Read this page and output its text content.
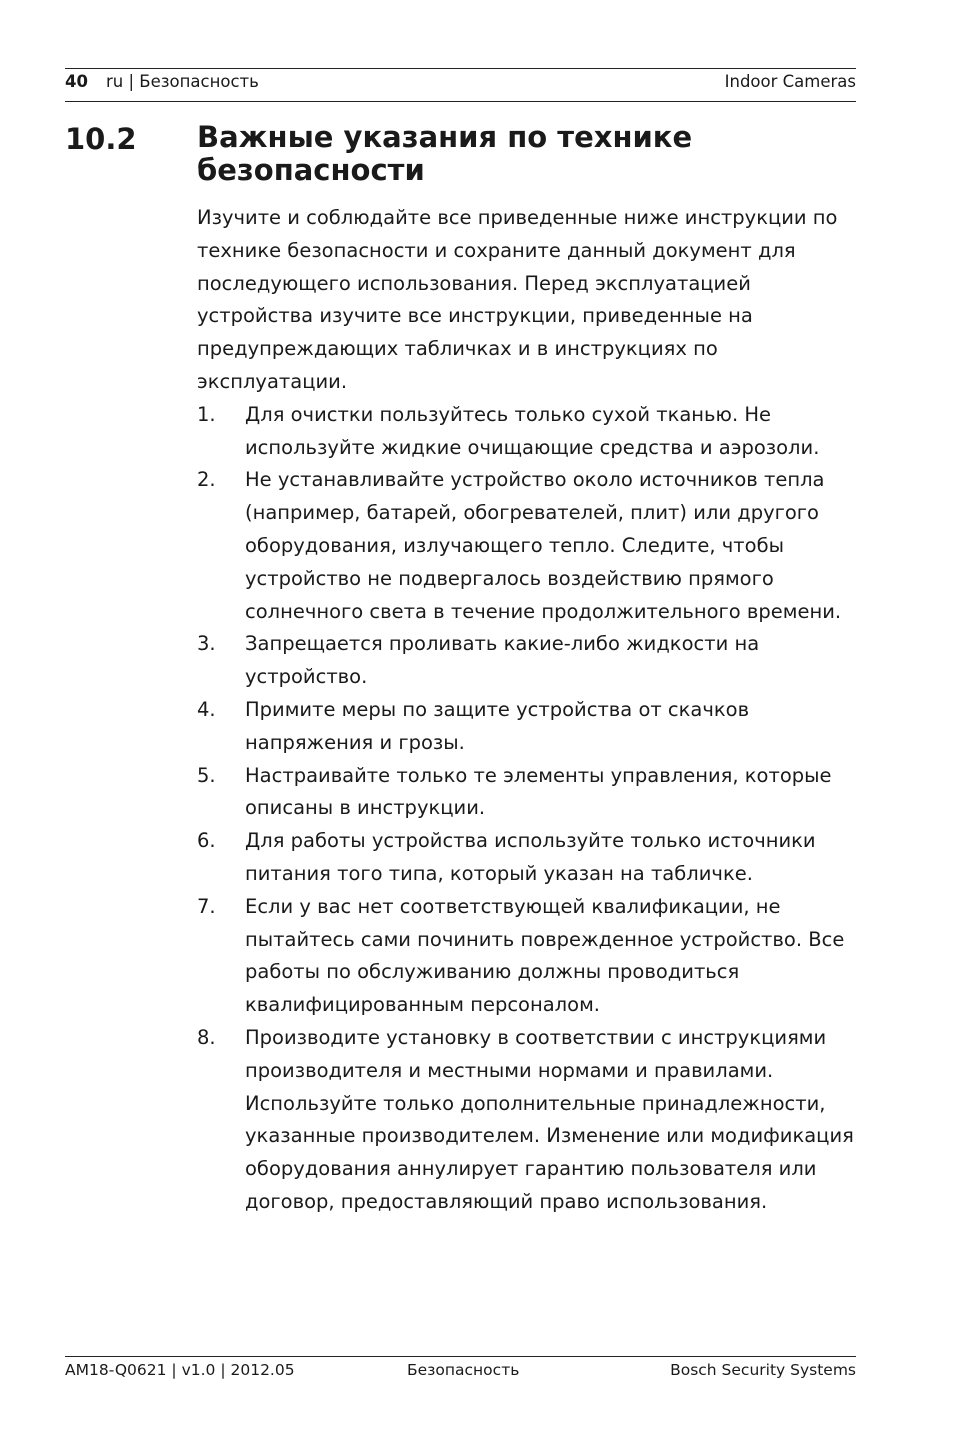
40 ru | Безопасность	Indoor Cameras
10.2 Важные указания по технике безопасности

Изучите и соблюдайте все приведенные ниже инструкции по технике безопасности и сохраните данный документ для последующего использования. Перед эксплуатацией устройства изучите все инструкции, приведенные на предупреждающих табличках и в инструкциях по эксплуатации.

1. Для очистки пользуйтесь только сухой тканью. Не используйте жидкие очищающие средства и аэрозоли.
2. Не устанавливайте устройство около источников тепла (например, батарей, обогревателей, плит) или другого оборудования, излучающего тепло. Следите, чтобы устройство не подвергалось воздействию прямого солнечного света в течение продолжительного времени.
3. Запрещается проливать какие-либо жидкости на устройство.
4. Примите меры по защите устройства от скачков напряжения и грозы.
5. Настраивайте только те элементы управления, которые описаны в инструкции.
6. Для работы устройства используйте только источники питания того типа, который указан на табличке.
7. Если у вас нет соответствующей квалификации, не пытайтесь сами починить поврежденное устройство. Все работы по обслуживанию должны проводиться квалифицированным персоналом.
8. Производите установку в соответствии с инструкциями производителя и местными нормами и правилами. Используйте только дополнительные принадлежности, указанные производителем. Изменение или модификация оборудования аннулирует гарантию пользователя или договор, предоставляющий право использования.
AM18-Q0621 | v1.0 | 2012.05	Безопасность	Bosch Security Systems
